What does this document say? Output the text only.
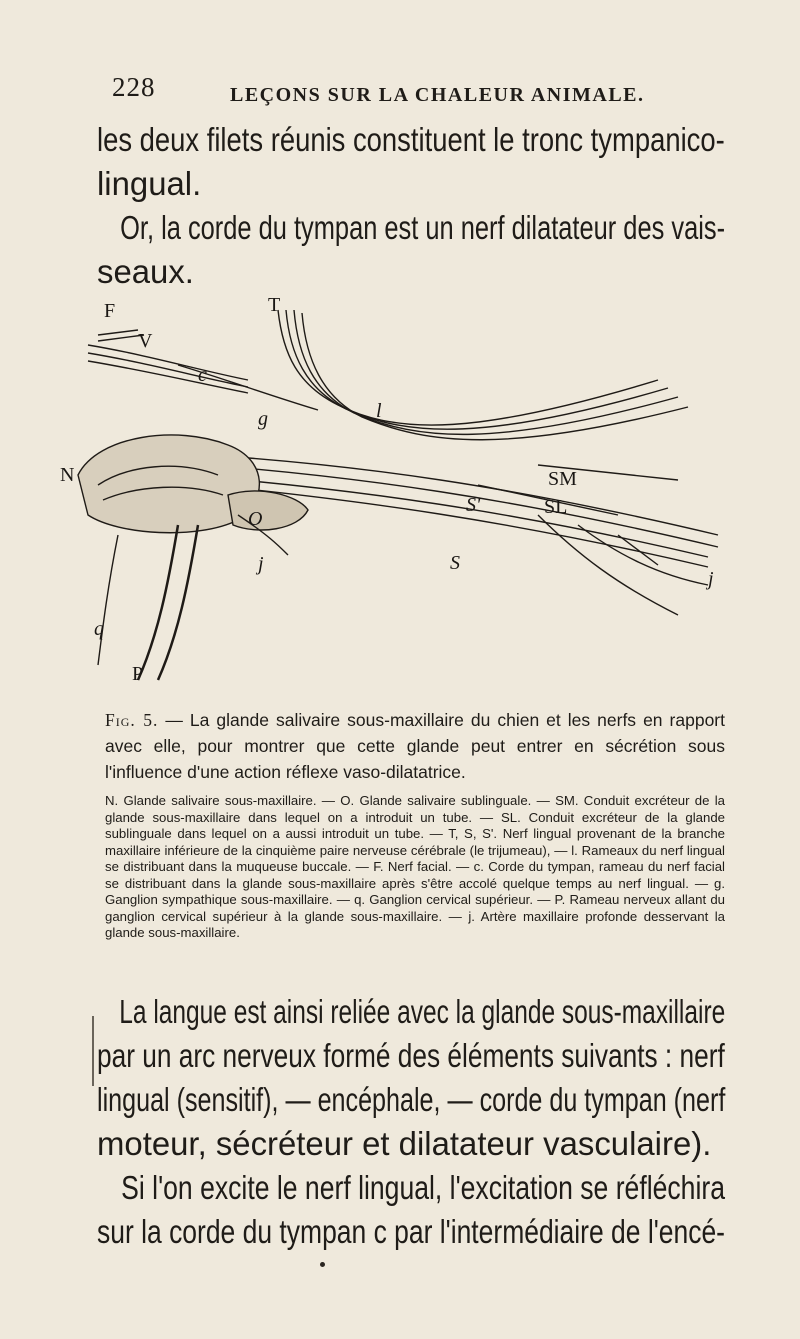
228	LEÇONS SUR LA CHALEUR ANIMALE.

les deux filets réunis constituent le tronc tympanico-

lingual.

Or, la corde du tympan est un nerf dilatateur des vais-

seaux.

F	T
V
c
g	l
N	SM
SL
S'
S
O
j
q
P
j
Fig. 5. — La glande salivaire sous-maxillaire du chien et les nerfs en rapport avec elle, pour montrer que cette glande peut entrer en sécrétion sous l'influence d'une action réflexe vaso-dilatatrice.

N. Glande salivaire sous-maxillaire. — O. Glande salivaire sublinguale. — SM. Conduit excréteur de la glande sous-maxillaire dans lequel on a introduit un tube. — SL. Conduit excréteur de la glande sublinguale dans lequel on a aussi introduit un tube. — T, S, S'. Nerf lingual provenant de la branche maxillaire inférieure de la cinquième paire nerveuse cérébrale (le trijumeau), — l. Rameaux du nerf lingual se distribuant dans la muqueuse buccale. — F. Nerf facial. — c. Corde du tympan, rameau du nerf facial se distribuant dans la glande sous-maxillaire après s'être accolé quelque temps au nerf lingual. — g. Ganglion sympathique sous-maxillaire. — q. Ganglion cervical supérieur. — P. Rameau nerveux allant du ganglion cervical supérieur à la glande sous-maxillaire. — j. Artère maxillaire profonde desservant la glande sous-maxillaire.

La langue est ainsi reliée avec la glande sous-maxillaire

par un arc nerveux formé des éléments suivants : nerf

lingual (sensitif), — encéphale, — corde du tympan (nerf

moteur, sécréteur et dilatateur vasculaire).

Si l'on excite le nerf lingual, l'excitation se réfléchira

sur la corde du tympan c par l'intermédiaire de l'encé-
